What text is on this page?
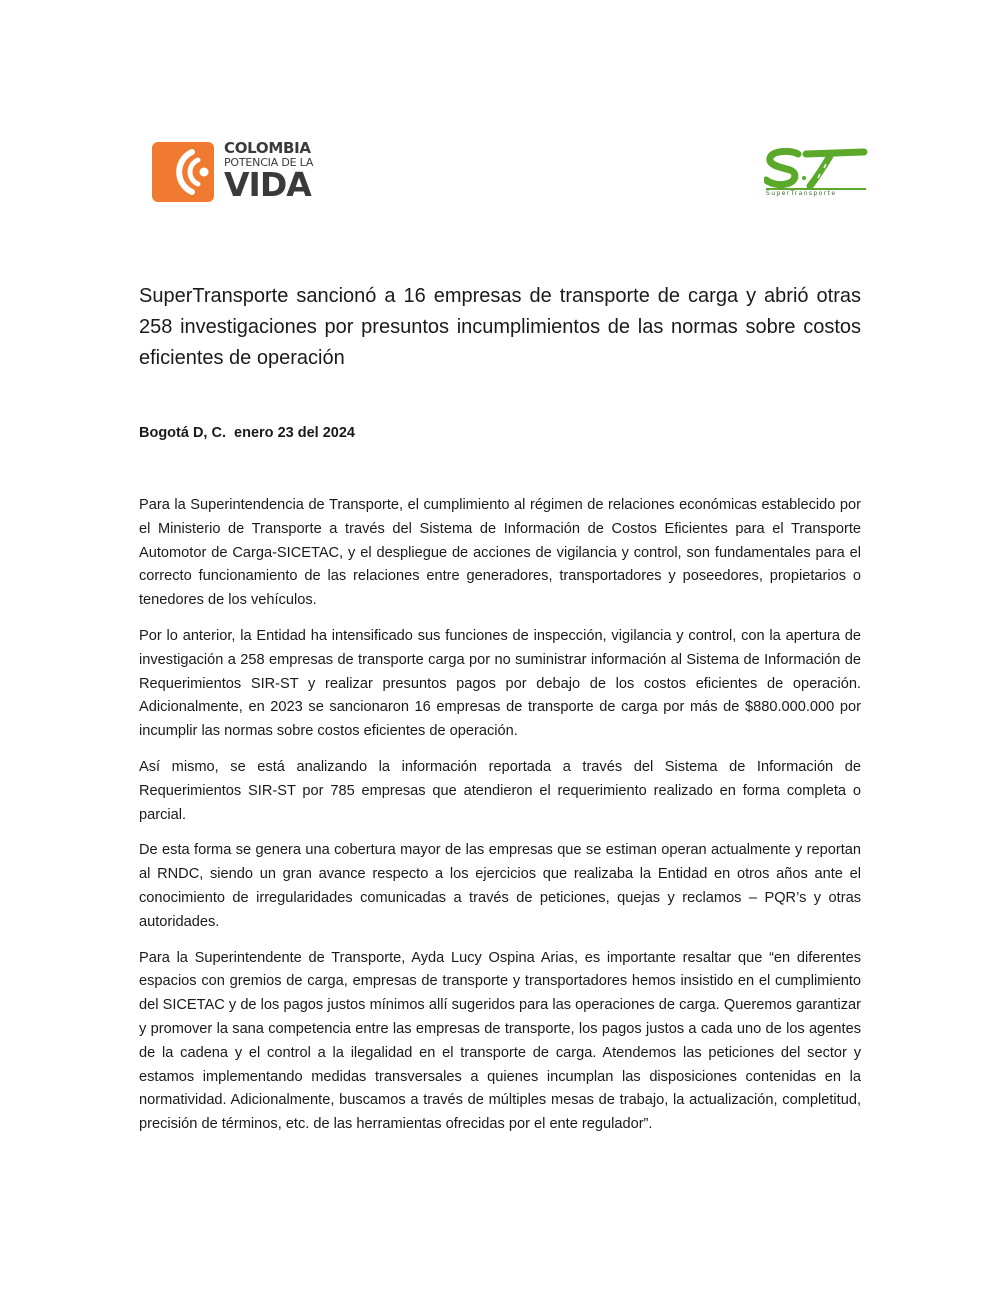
COLOMBIA
POTENCIA DE LA
VIDA	SuperTransporte
SuperTransporte sancionó a 16 empresas de transporte de carga y abrió otras 258 investigaciones por presuntos incumplimientos de las normas sobre costos eficientes de operación

Bogotá D, C.  enero 23 del 2024

Para la Superintendencia de Transporte, el cumplimiento al régimen de relaciones económicas establecido por el Ministerio de Transporte a través del Sistema de Información de Costos Eficientes para el Transporte Automotor de Carga-SICETAC, y el despliegue de acciones de vigilancia y control, son fundamentales para el correcto funcionamiento de las relaciones entre generadores, transportadores y poseedores, propietarios o tenedores de los vehículos.

Por lo anterior, la Entidad ha intensificado sus funciones de inspección, vigilancia y control, con la apertura de investigación a 258 empresas de transporte carga por no suministrar información al Sistema de Información de Requerimientos SIR-ST y realizar presuntos pagos por debajo de los costos eficientes de operación. Adicionalmente, en 2023 se sancionaron 16 empresas de transporte de carga por más de $880.000.000 por incumplir las normas sobre costos eficientes de operación.

Así mismo, se está analizando la información reportada a través del Sistema de Información de Requerimientos SIR-ST por 785 empresas que atendieron el requerimiento realizado en forma completa o parcial.

De esta forma se genera una cobertura mayor de las empresas que se estiman operan actualmente y reportan al RNDC, siendo un gran avance respecto a los ejercicios que realizaba la Entidad en otros años ante el conocimiento de irregularidades comunicadas a través de peticiones, quejas y reclamos – PQR’s y otras autoridades.

Para la Superintendente de Transporte, Ayda Lucy Ospina Arias, es importante resaltar que “en diferentes espacios con gremios de carga, empresas de transporte y transportadores hemos insistido en el cumplimiento del SICETAC y de los pagos justos mínimos allí sugeridos para las operaciones de carga. Queremos garantizar y promover la sana competencia entre las empresas de transporte, los pagos justos a cada uno de los agentes de la cadena y el control a la ilegalidad en el transporte de carga. Atendemos las peticiones del sector y estamos implementando medidas transversales a quienes incumplan las disposiciones contenidas en la normatividad. Adicionalmente, buscamos a través de múltiples mesas de trabajo, la actualización, completitud, precisión de términos, etc. de las herramientas ofrecidas por el ente regulador”.
